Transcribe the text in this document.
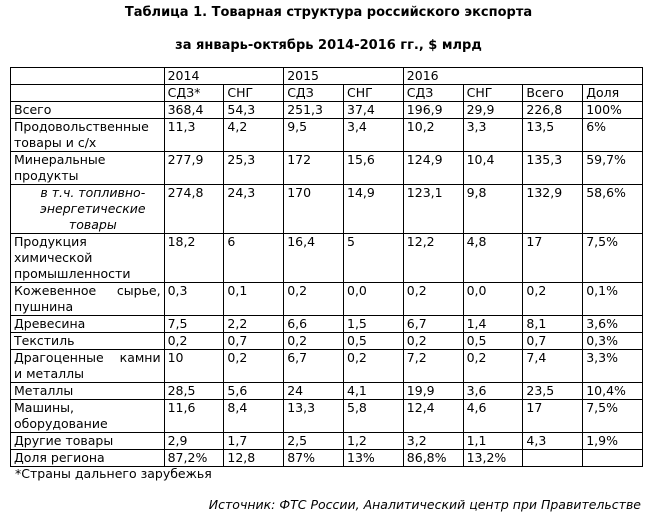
Таблица 1. Товарная структура российского экспорта
за январь-октябрь 2014-2016 гг., $ млрд
	2014		2015		2016			
	СДЗ*	СНГ	СДЗ	СНГ	СДЗ	СНГ	Всего	Доля
Всего	368,4	54,3	251,3	37,4	196,9	29,9	226,8	100%
Продовольственные товары и с/х	11,3	4,2	9,5	3,4	10,2	3,3	13,5	6%
Минеральные продукты	277,9	25,3	172	15,6	124,9	10,4	135,3	59,7%
в т.ч. топливно-энергетические товары	274,8	24,3	170	14,9	123,1	9,8	132,9	58,6%
Продукция химической промышленности	18,2	6	16,4	5	12,2	4,8	17	7,5%
Кожевенное сырье, пушнина	0,3	0,1	0,2	0,0	0,2	0,0	0,2	0,1%
Древесина	7,5	2,2	6,6	1,5	6,7	1,4	8,1	3,6%
Текстиль	0,2	0,7	0,2	0,5	0,2	0,5	0,7	0,3%
Драгоценные камни и металлы	10	0,2	6,7	0,2	7,2	0,2	7,4	3,3%
Металлы	28,5	5,6	24	4,1	19,9	3,6	23,5	10,4%
Машины, оборудование	11,6	8,4	13,3	5,8	12,4	4,6	17	7,5%
Другие товары	2,9	1,7	2,5	1,2	3,2	1,1	4,3	1,9%
Доля региона	87,2%	12,8	87%	13%	86,8%	13,2%		
*Страны дальнего зарубежья
Источник: ФТС России, Аналитический центр при Правительстве
